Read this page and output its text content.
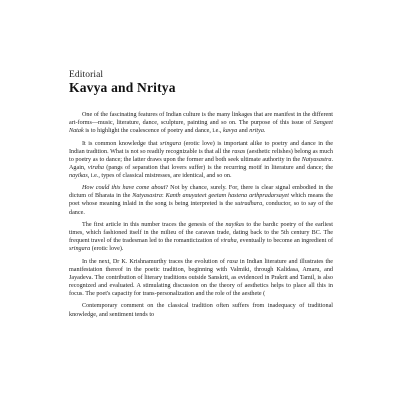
Editorial
Kavya and Nritya

One of the fascinating features of Indian culture is the many linkages that are manifest in the different art-forms—music, literature, dance, sculpture, painting and so on. The purpose of this issue of Sangeet Natak is to highlight the coalescence of poetry and dance, i.e., kavya and nritya.

It is common knowledge that sringara (erotic love) is important alike to poetry and dance in the Indian tradition. What is not so readily recognizable is that all the rasas (aesthetic relishes) belong as much to poetry as to dance; the latter draws upon the former and both seek ultimate authority in the Natyasastra. Again, viraha (pangs of separation that lovers suffer) is the recurring motif in literature and dance; the nayikas, i.e., types of classical mistresses, are identical, and so on.

How could this have come about? Not by chance, surely. For, there is clear signal embodied in the dictum of Bharata in the Natyasastra: Kanth anuyateet geetam hastena arthpradarsayet which means the poet whose meaning inlaid in the song is being interpreted is the sutradhara, conductor, so to say of the dance.

The first article in this number traces the genesis of the nayikas to the bardic poetry of the earliest times, which fashioned itself in the milieu of the caravan trade, dating back to the 5th century BC. The frequent travel of the tradesman led to the romanticization of viraha, eventually to become an ingredient of sringara (erotic love).

In the next, Dr K. Krishnamurthy traces the evolution of rasa in Indian literature and illustrates the manifestation thereof in the poetic tradition, beginning with Valmiki, through Kalidasa, Amaru, and Jayadeva. The contribution of literary traditions outside Sanskrit, as evidenced in Prakrit and Tamil, is also recognized and evaluated. A stimulating discussion on the theory of aesthetics helps to place all this in focus. The poet's capacity for trans-personalization and the role of the aesthete (

Contemporary comment on the classical tradition often suffers from inadequacy of traditional knowledge, and sentiment tends to
